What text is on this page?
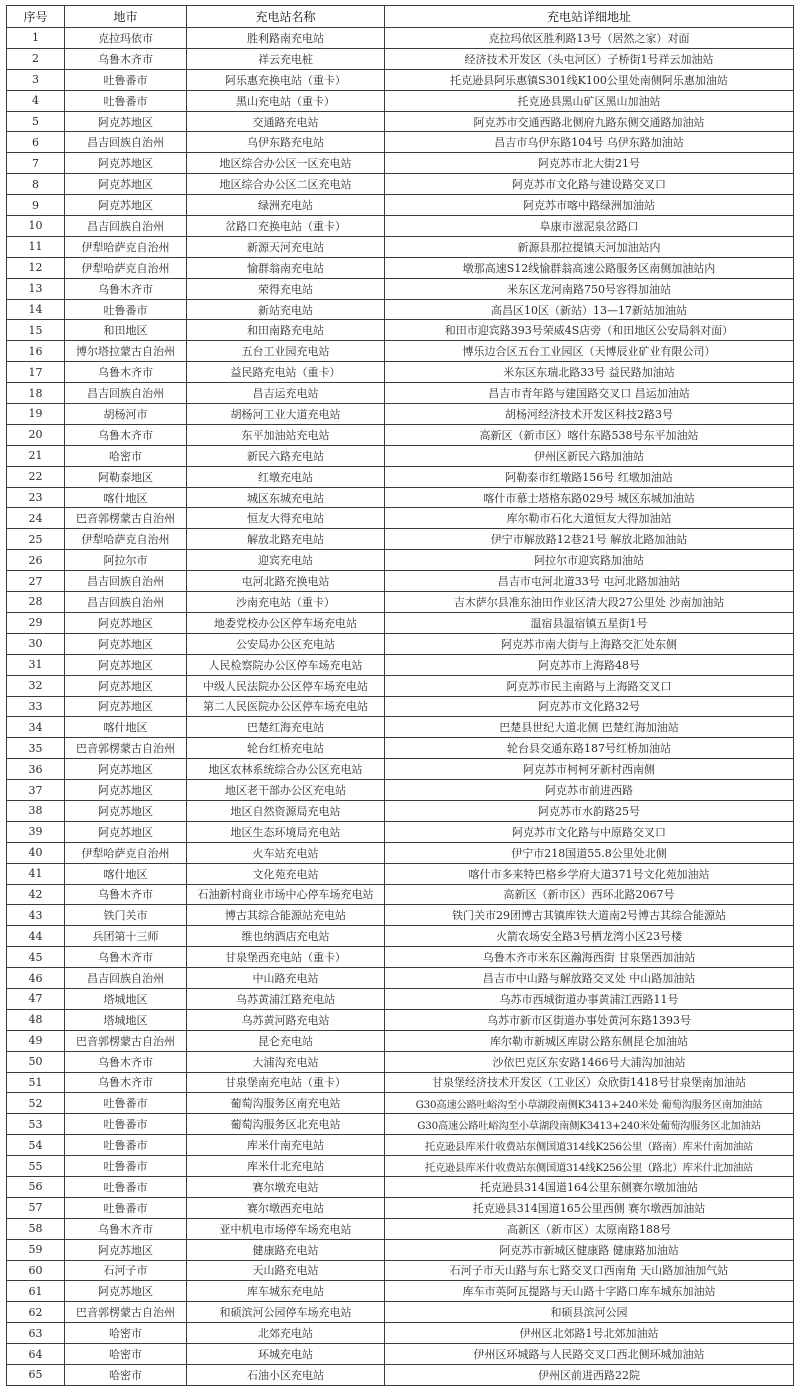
序号	地市	充电站名称	充电站详细地址
1	克拉玛依市	胜利路南充电站	克拉玛依区胜利路13号（居然之家）对面
2	乌鲁木齐市	祥云充电桩	经济技术开发区（头屯河区）子桥街1号祥云加油站
3	吐鲁番市	阿乐惠充换电站（重卡）	托克逊县阿乐惠镇S301线K100公里处南侧阿乐惠加油站
4	吐鲁番市	黑山充电站（重卡）	托克逊县黑山矿区黑山加油站
5	阿克苏地区	交通路充电站	阿克苏市交通西路北侧府九路东侧交通路加油站
6	昌吉回族自治州	乌伊东路充电站	昌吉市乌伊东路104号 乌伊东路加油站
7	阿克苏地区	地区综合办公区一区充电站	阿克苏市北大街21号
8	阿克苏地区	地区综合办公区二区充电站	阿克苏市文化路与建设路交叉口
9	阿克苏地区	绿洲充电站	阿克苏市喀中路绿洲加油站
10	昌吉回族自治州	岔路口充换电站（重卡）	阜康市滋泥泉岔路口
11	伊犁哈萨克自治州	新源天河充电站	新源县那拉提镇天河加油站内
12	伊犁哈萨克自治州	愉群翁南充电站	墩那高速S12线愉群翁高速公路服务区南侧加油站内
13	乌鲁木齐市	荣得充电站	米东区龙河南路750号容得加油站
14	吐鲁番市	新站充电站	高昌区10区（新站）13—17新站加油站
15	和田地区	和田南路充电站	和田市迎宾路393号荣威4S店旁（和田地区公安局斜对面）
16	博尔塔拉蒙古自治州	五台工业园充电站	博乐边合区五台工业园区（天博辰业矿业有限公司）
17	乌鲁木齐市	益民路充电站（重卡）	米东区东瑞北路33号 益民路加油站
18	昌吉回族自治州	昌吉运充电站	昌吉市青年路与建国路交叉口 昌运加油站
19	胡杨河市	胡杨河工业大道充电站	胡杨河经济技术开发区科技2路3号
20	乌鲁木齐市	东平加油站充电站	高新区（新市区）喀什东路538号东平加油站
21	哈密市	新民六路充电站	伊州区新民六路加油站
22	阿勒泰地区	红墩充电站	阿勒泰市红墩路156号 红墩加油站
23	喀什地区	城区东城充电站	喀什市慕士塔格东路029号 城区东城加油站
24	巴音郭楞蒙古自治州	恒友大得充电站	库尔勒市石化大道恒友大得加油站
25	伊犁哈萨克自治州	解放北路充电站	伊宁市解放路12巷21号 解放北路加油站
26	阿拉尔市	迎宾充电站	阿拉尔市迎宾路加油站
27	昌吉回族自治州	屯河北路充换电站	昌吉市屯河北道33号 屯河北路加油站
28	昌吉回族自治州	沙南充电站（重卡）	吉木萨尔县准东油田作业区清大段27公里处 沙南加油站
29	阿克苏地区	地委党校办公区停车场充电站	温宿县温宿镇五星街1号
30	阿克苏地区	公安局办公区充电站	阿克苏市南大街与上海路交汇处东侧
31	阿克苏地区	人民检察院办公区停车场充电站	阿克苏市上海路48号
32	阿克苏地区	中级人民法院办公区停车场充电站	阿克苏市民主南路与上海路交叉口
33	阿克苏地区	第二人民医院办公区停车场充电站	阿克苏市文化路32号
34	喀什地区	巴楚红海充电站	巴楚县世纪大道北侧 巴楚红海加油站
35	巴音郭楞蒙古自治州	轮台红桥充电站	轮台县交通东路187号红桥加油站
36	阿克苏地区	地区农林系统综合办公区充电站	阿克苏市柯柯牙新村西南侧
37	阿克苏地区	地区老干部办公区充电站	阿克苏市前进西路
38	阿克苏地区	地区自然资源局充电站	阿克苏市水韵路25号
39	阿克苏地区	地区生态环境局充电站	阿克苏市文化路与中原路交叉口
40	伊犁哈萨克自治州	火车站充电站	伊宁市218国道55.8公里处北侧
41	喀什地区	文化苑充电站	喀什市多来特巴格乡学府大道371号文化苑加油站
42	乌鲁木齐市	石油新村商业市场中心停车场充电站	高新区（新市区）西环北路2067号
43	铁门关市	博古其综合能源站充电站	铁门关市29团博古其镇库铁大道南2号博古其综合能源站
44	兵团第十三师	维也纳酒店充电站	火箭农场安全路3号栖龙湾小区23号楼
45	乌鲁木齐市	甘泉堡西充电站（重卡）	乌鲁木齐市米东区瀚海西街 甘泉堡西加油站
46	昌吉回族自治州	中山路充电站	昌吉市中山路与解放路交叉处 中山路加油站
47	塔城地区	乌苏黄浦江路充电站	乌苏市西城街道办事黄浦江西路11号
48	塔城地区	乌苏黄河路充电站	乌苏市新市区街道办事处黄河东路1393号
49	巴音郭楞蒙古自治州	昆仑充电站	库尔勒市新城区库尉公路东侧昆仑加油站
50	乌鲁木齐市	大浦沟充电站	沙依巴克区东安路1466号大浦沟加油站
51	乌鲁木齐市	甘泉堡南充电站（重卡）	甘泉堡经济技术开发区（工业区）众欣街1418号甘泉堡南加油站
52	吐鲁番市	葡萄沟服务区南充电站	G30高速公路吐峪沟至小草湖段南侧K3413+240米处 葡萄沟服务区南加油站
53	吐鲁番市	葡萄沟服务区北充电站	G30高速公路吐峪沟至小草湖段南侧K3413+240米处葡萄沟服务区北加油站
54	吐鲁番市	库米什南充电站	托克逊县库米什收费站东侧国道314线K256公里（路南）库米什南加油站
55	吐鲁番市	库米什北充电站	托克逊县库米什收费站东侧国道314线K256公里（路北）库米什北加油站
56	吐鲁番市	赛尔墩充电站	托克逊县314国道164公里东侧赛尔墩加油站
57	吐鲁番市	赛尔墩西充电站	托克逊县314国道165公里西侧 赛尔墩西加油站
58	乌鲁木齐市	亚中机电市场停车场充电站	高新区（新市区）太原南路188号
59	阿克苏地区	健康路充电站	阿克苏市新城区健康路 健康路加油站
60	石河子市	天山路充电站	石河子市天山路与东七路交叉口西南角 天山路加油加气站
61	阿克苏地区	库车城东充电站	库车市英阿瓦提路与天山路十字路口库车城东加油站
62	巴音郭楞蒙古自治州	和硕滨河公园停车场充电站	和硕县滨河公园
63	哈密市	北郊充电站	伊州区北郊路1号北郊加油站
64	哈密市	环城充电站	伊州区环城路与人民路交叉口西北侧环城加油站
65	哈密市	石油小区充电站	伊州区前进西路22院
